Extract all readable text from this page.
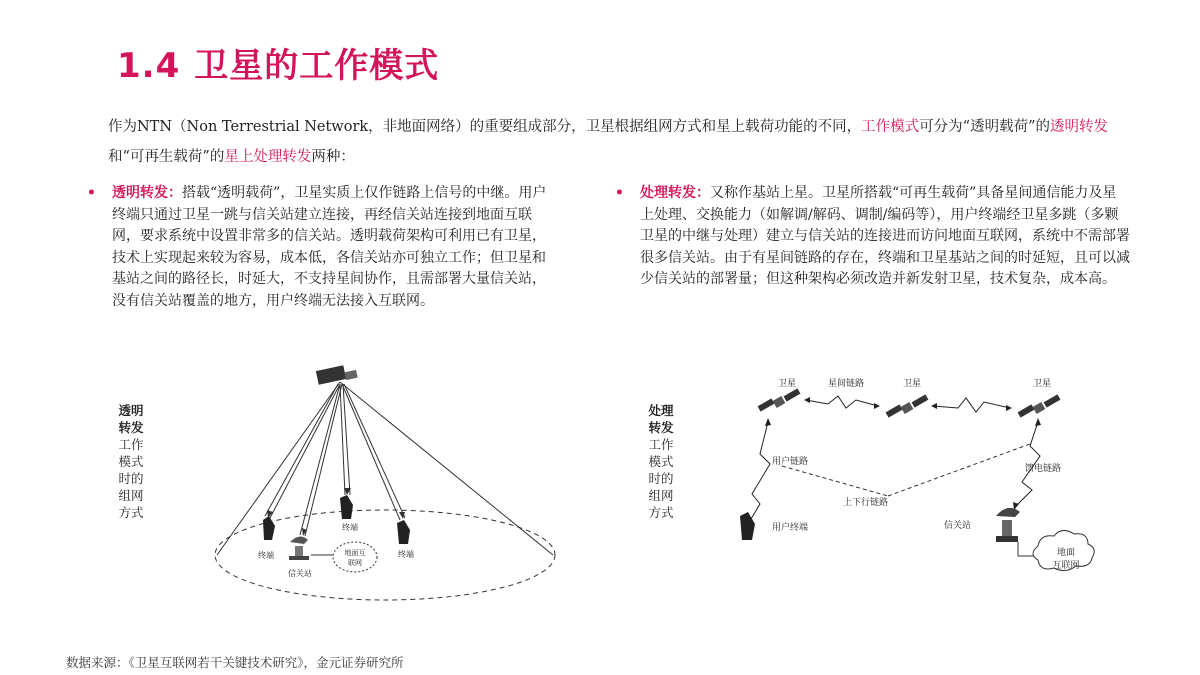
1.4 卫星的工作模式
作为NTN（Non Terrestrial Network，非地面网络）的重要组成部分，卫星根据组网方式和星上载荷功能的不同，工作模式可分为“透明载荷”的透明转发和“可再生载荷”的星上处理转发两种：
• 透明转发：搭载“透明载荷”，卫星实质上仅作链路上信号的中继。用户终端只通过卫星一跳与信关站建立连接，再经信关站连接到地面互联网，要求系统中设置非常多的信关站。透明载荷架构可利用已有卫星，技术上实现起来较为容易，成本低，各信关站亦可独立工作；但卫星和基站之间的路径长，时延大，不支持星间协作，且需部署大量信关站，没有信关站覆盖的地方，用户终端无法接入互联网。
• 处理转发：又称作基站上星。卫星所搭载“可再生载荷”具备星间通信能力及星上处理、交换能力（如解调/解码、调制/编码等），用户终端经卫星多跳（多颗卫星的中继与处理）建立与信关站的连接进而访问地面互联网，系统中不需部署很多信关站。由于有星间链路的存在，终端和卫星基站之间的时延短，且可以减少信关站的部署量；但这种架构必须改造并新发射卫星，技术复杂，成本高。
透明
转发
工作
模式
时的
组网
方式
处理
转发
工作
模式
时的
组网
方式
终端
终端
终端
信关站
地面互
联网
卫星	星间链路	卫星	卫星
用户链路
馈电链路
上下行链路
用户终端	信关站
地面
互联网
数据来源：《卫星互联网若干关键技术研究》，金元证券研究所
